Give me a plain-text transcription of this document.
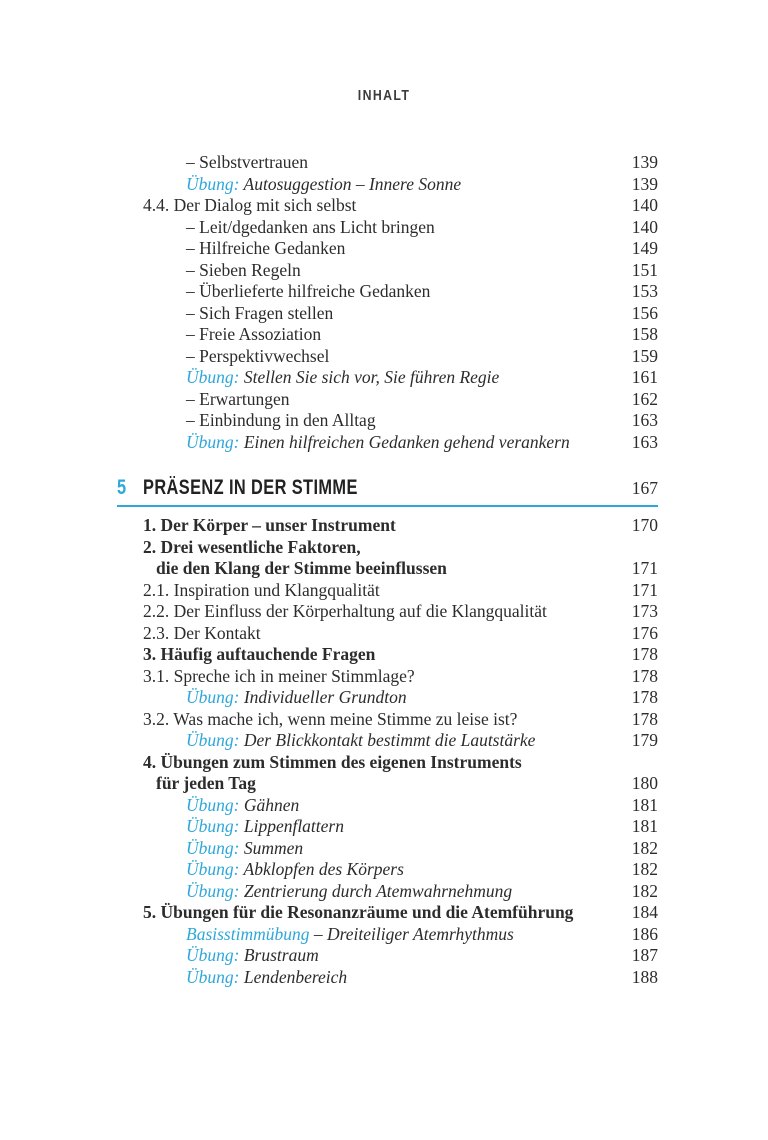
INHALT
– Selbstvertrauen	139
Übung: Autosuggestion – Innere Sonne	139
4.4. Der Dialog mit sich selbst	140
– Leit/dgedanken ans Licht bringen	140
– Hilfreiche Gedanken	149
– Sieben Regeln	151
– Überlieferte hilfreiche Gedanken	153
– Sich Fragen stellen	156
– Freie Assoziation	158
– Perspektivwechsel	159
Übung: Stellen Sie sich vor, Sie führen Regie	161
– Erwartungen	162
– Einbindung in den Alltag	163
Übung: Einen hilfreichen Gedanken gehend verankern	163
5 PRÄSENZ IN DER STIMME	167
1. Der Körper – unser Instrument	170
2. Drei wesentliche Faktoren,
die den Klang der Stimme beeinflussen	171
2.1. Inspiration und Klangqualität	171
2.2. Der Einfluss der Körperhaltung auf die Klangqualität	173
2.3. Der Kontakt	176
3. Häufig auftauchende Fragen	178
3.1. Spreche ich in meiner Stimmlage?	178
Übung: Individueller Grundton	178
3.2. Was mache ich, wenn meine Stimme zu leise ist?	178
Übung: Der Blickkontakt bestimmt die Lautstärke	179
4. Übungen zum Stimmen des eigenen Instruments
für jeden Tag	180
Übung: Gähnen	181
Übung: Lippenflattern	181
Übung: Summen	182
Übung: Abklopfen des Körpers	182
Übung: Zentrierung durch Atemwahrnehmung	182
5. Übungen für die Resonanzräume und die Atemführung	184
Basisstimmübung – Dreiteiliger Atemrhythmus	186
Übung: Brustraum	187
Übung: Lendenbereich	188
